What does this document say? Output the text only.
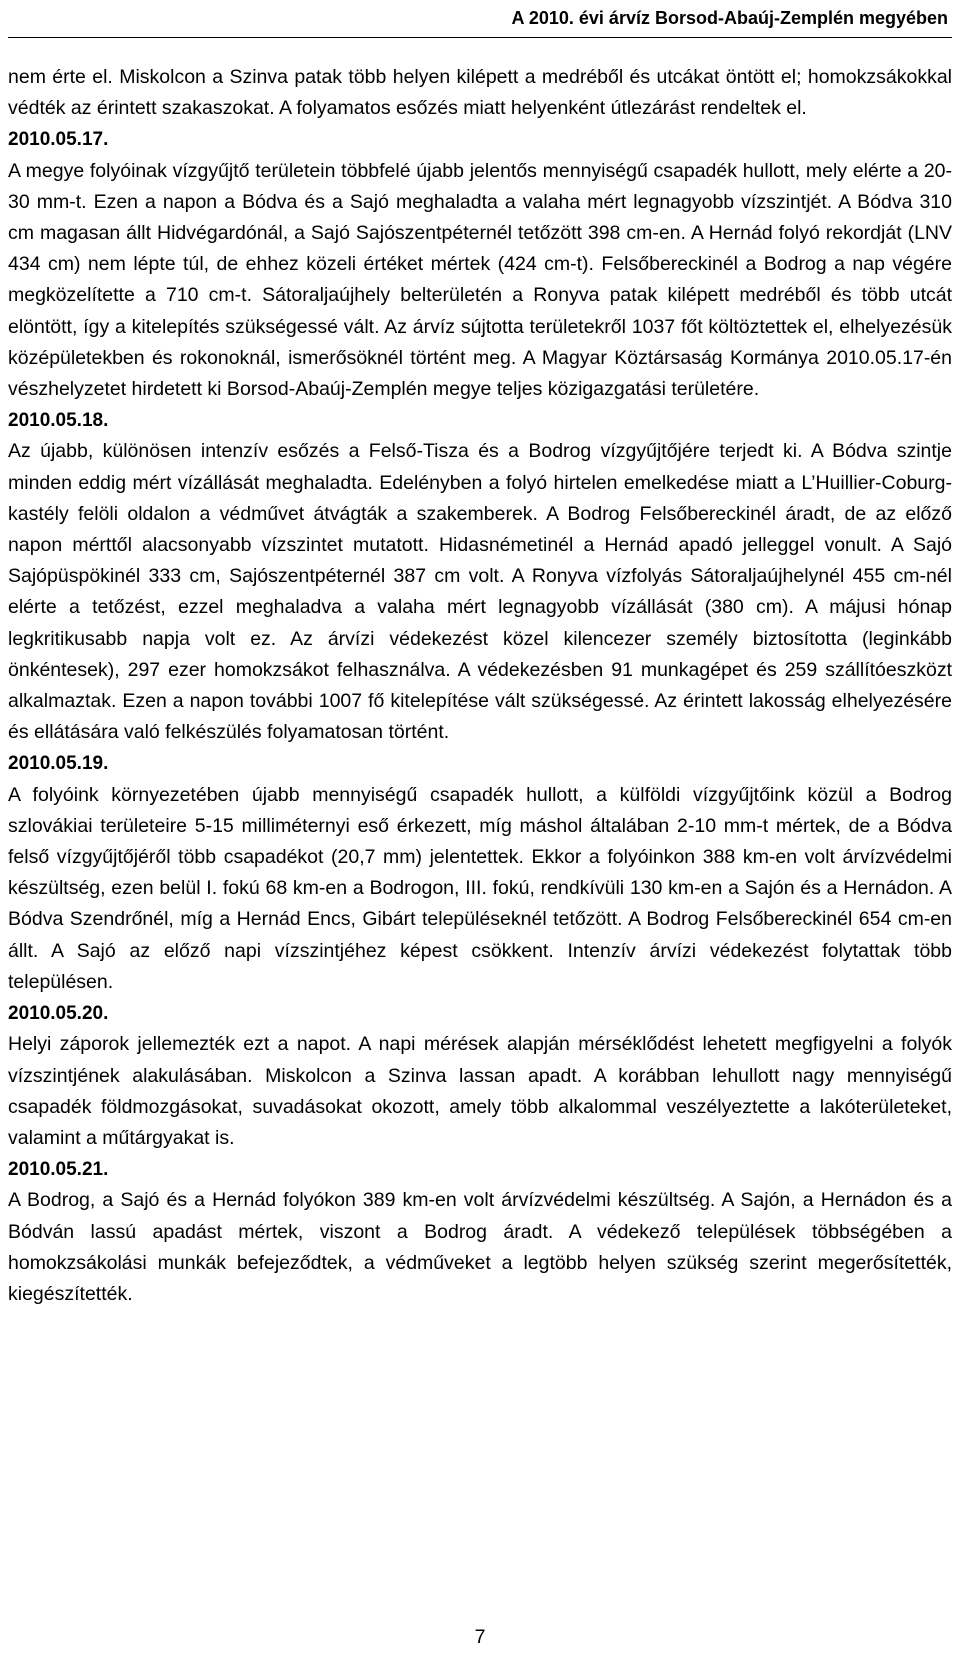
A 2010. évi árvíz Borsod-Abaúj-Zemplén megyében

nem érte el. Miskolcon a Szinva patak több helyen kilépett a medréből és utcákat öntött el; homokzsákokkal védték az érintett szakaszokat. A folyamatos esőzés miatt helyenként útlezárást rendeltek el.

2010.05.17.

A megye folyóinak vízgyűjtő területein többfelé újabb jelentős mennyiségű csapadék hullott, mely elérte a 20-30 mm-t. Ezen a napon a Bódva és a Sajó meghaladta a valaha mért legnagyobb vízszintjét. A Bódva 310 cm magasan állt Hidvégardónál, a Sajó Sajószentpéternél tetőzött 398 cm-en. A Hernád folyó rekordját (LNV 434 cm) nem lépte túl, de ehhez közeli értéket mértek (424 cm-t). Felsőbereckinél a Bodrog a nap végére megközelítette a 710 cm-t. Sátoraljaújhely belterületén a Ronyva patak kilépett medréből és több utcát elöntött, így a kitelepítés szükségessé vált. Az árvíz sújtotta területekről 1037 főt költöztettek el, elhelyezésük középületekben és rokonoknál, ismerősöknél történt meg. A Magyar Köztársaság Kormánya 2010.05.17-én vészhelyzetet hirdetett ki Borsod-Abaúj-Zemplén megye teljes közigazgatási területére.

2010.05.18.

Az újabb, különösen intenzív esőzés a Felső-Tisza és a Bodrog vízgyűjtőjére terjedt ki. A Bódva szintje minden eddig mért vízállását meghaladta. Edelényben a folyó hirtelen emelkedése miatt a L’Huillier-Coburg-kastély felöli oldalon a védművet átvágták a szakemberek. A Bodrog Felsőbereckinél áradt, de az előző napon mérttől alacsonyabb vízszintet mutatott. Hidasnémetinél a Hernád apadó jelleggel vonult. A Sajó Sajópüspökinél 333 cm, Sajószentpéternél 387 cm volt. A Ronyva vízfolyás Sátoraljaújhelynél 455 cm-nél elérte a tetőzést, ezzel meghaladva a valaha mért legnagyobb vízállását (380 cm). A májusi hónap legkritikusabb napja volt ez. Az árvízi védekezést közel kilencezer személy biztosította (leginkább önkéntesek), 297 ezer homokzsákot felhasználva. A védekezésben 91 munkagépet és 259 szállítóeszközt alkalmaztak. Ezen a napon további 1007 fő kitelepítése vált szükségessé. Az érintett lakosság elhelyezésére és ellátására való felkészülés folyamatosan történt.

2010.05.19.

A folyóink környezetében újabb mennyiségű csapadék hullott, a külföldi vízgyűjtőink közül a Bodrog szlovákiai területeire 5-15 milliméternyi eső érkezett, míg máshol általában 2-10 mm-t mértek, de a Bódva felső vízgyűjtőjéről több csapadékot (20,7 mm) jelentettek. Ekkor a folyóinkon 388 km-en volt árvízvédelmi készültség, ezen belül I. fokú 68 km-en a Bodrogon, III. fokú, rendkívüli 130 km-en a Sajón és a Hernádon. A Bódva Szendrőnél, míg a Hernád Encs, Gibárt településeknél tetőzött. A Bodrog Felsőbereckinél 654 cm-en állt. A Sajó az előző napi vízszintjéhez képest csökkent. Intenzív árvízi védekezést folytattak több településen.

2010.05.20.

Helyi záporok jellemezték ezt a napot. A napi mérések alapján mérséklődést lehetett megfigyelni a folyók vízszintjének alakulásában. Miskolcon a Szinva lassan apadt. A korábban lehullott nagy mennyiségű csapadék földmozgásokat, suvadásokat okozott, amely több alkalommal veszélyeztette a lakóterületeket, valamint a műtárgyakat is.

2010.05.21.

A Bodrog, a Sajó és a Hernád folyókon 389 km-en volt árvízvédelmi készültség. A Sajón, a Hernádon és a Bódván lassú apadást mértek, viszont a Bodrog áradt. A védekező települések többségében a homokzsákolási munkák befejeződtek, a védműveket a legtöbb helyen szükség szerint megerősítették, kiegészítették.

7
